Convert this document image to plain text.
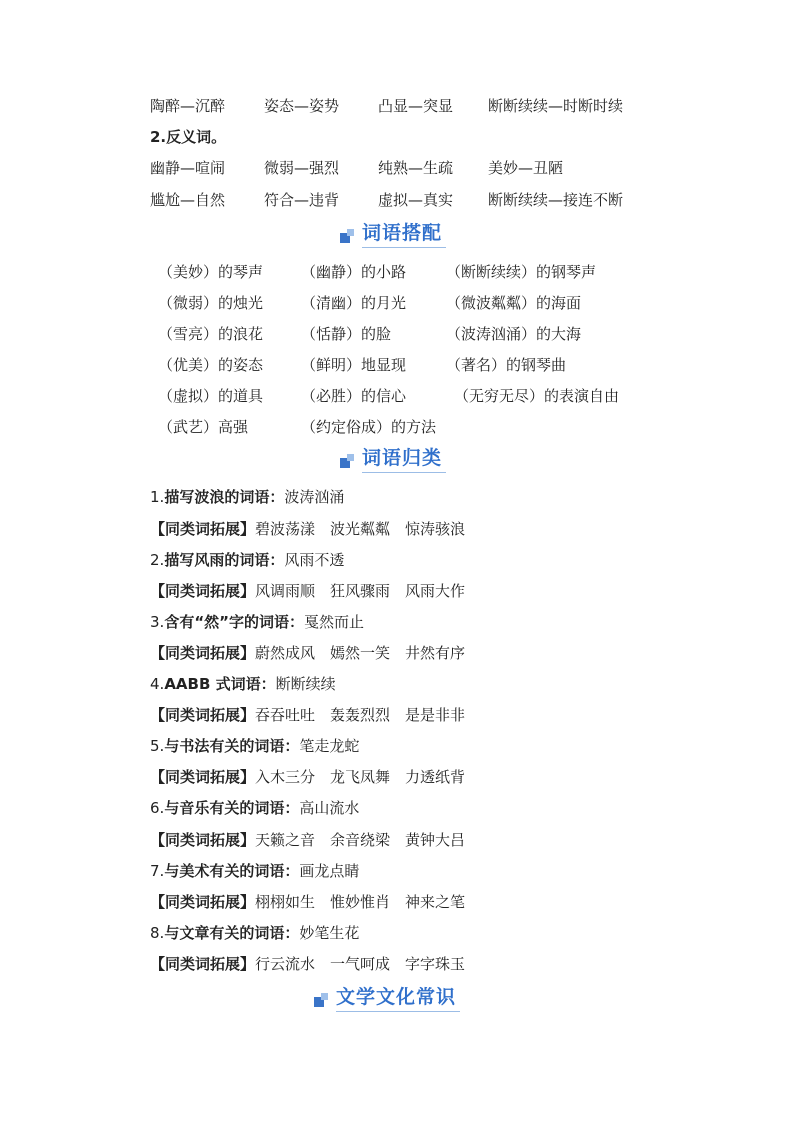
陶醉—沉醉	姿态—姿势	凸显—突显 断断续续—时断时续
2.反义词。
幽静—喧闹	微弱—强烈	纯熟—生疏 美妙—丑陋
尴尬—自然	符合—违背	虚拟—真实 断断续续—接连不断
词语搭配
（美妙）的琴声	（幽静）的小路	（断断续续）的钢琴声
（微弱）的烛光	（清幽）的月光	（微波粼粼）的海面
（雪亮）的浪花	（恬静）的脸	（波涛汹涌）的大海
（优美）的姿态	（鲜明）地显现	（著名）的钢琴曲
（虚拟）的道具	（必胜）的信心	（无穷无尽）的表演自由
（武艺）高强	（约定俗成）的方法
词语归类
1.描写波浪的词语：波涛汹涌
【同类词拓展】碧波荡漾　波光粼粼　惊涛骇浪
2.描写风雨的词语：风雨不透
【同类词拓展】风调雨顺　狂风骤雨　风雨大作
3.含有“然”字的词语：戛然而止
【同类词拓展】蔚然成风　嫣然一笑　井然有序
4.AABB 式词语：断断续续
【同类词拓展】吞吞吐吐　轰轰烈烈　是是非非
5.与书法有关的词语：笔走龙蛇
【同类词拓展】入木三分　龙飞凤舞　力透纸背
6.与音乐有关的词语：高山流水
【同类词拓展】天籁之音　余音绕梁　黄钟大吕
7.与美术有关的词语：画龙点睛
【同类词拓展】栩栩如生　惟妙惟肖　神来之笔
8.与文章有关的词语：妙笔生花
【同类词拓展】行云流水　一气呵成　字字珠玉
文学文化常识
